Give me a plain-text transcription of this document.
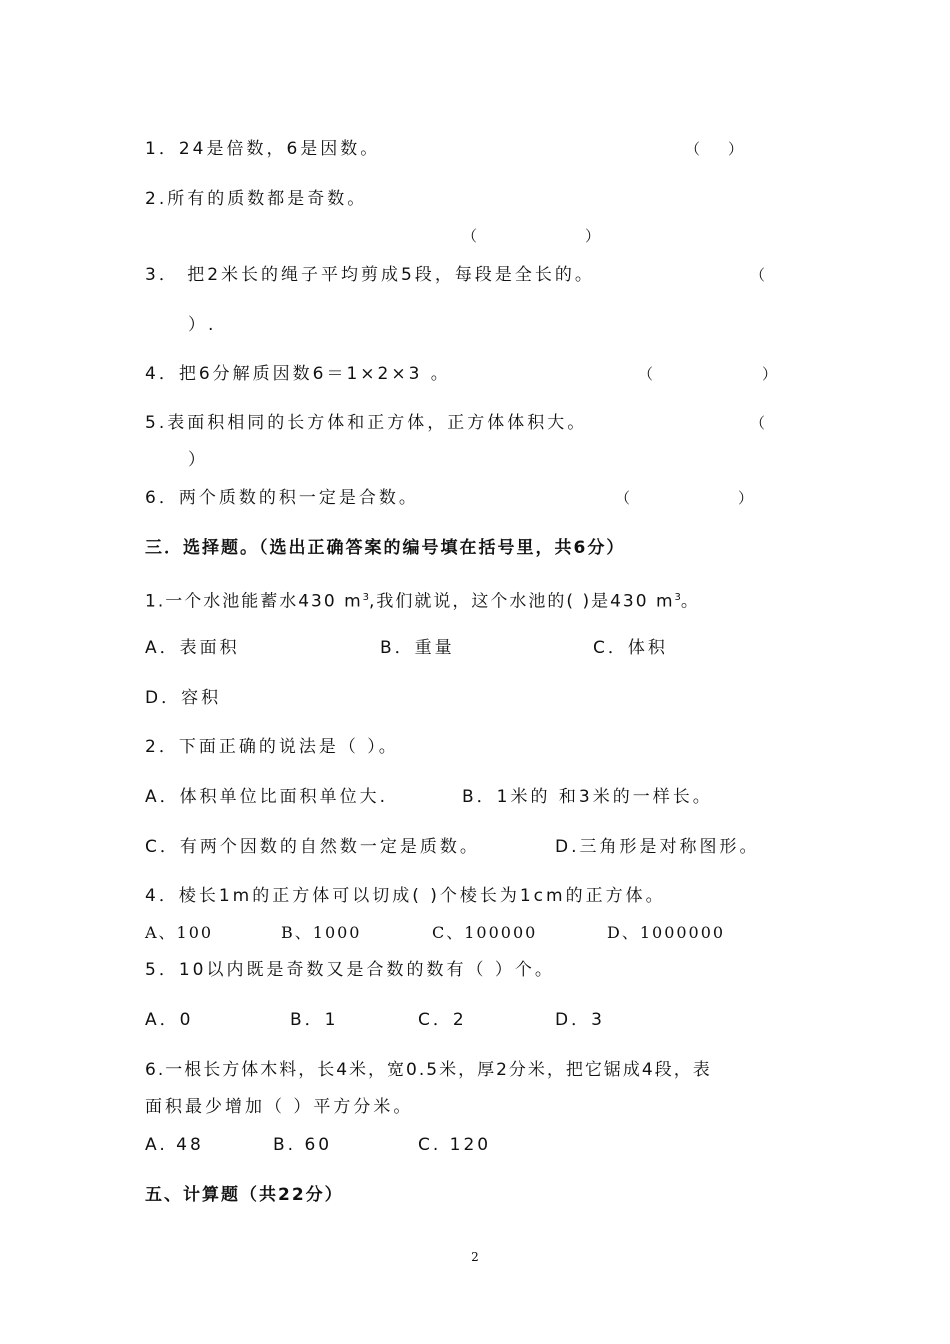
1．24是倍数，6是因数。	（ ）

2.所有的质数都是奇数。

（	）

3． 把2米长的绳子平均剪成5段，每段是全长的。	（

）.

4．把6分解质因数6＝1×2×3 。	（	）

5.表面积相同的长方体和正方体，正方体体积大。	（

）

6．两个质数的积一定是合数。	（	）

三．选择题。（选出正确答案的编号填在括号里，共6分）

1.一个水池能蓄水430 $m^3$,我们就说，这个水池的( )是430 $m^3$。

A．表面积	B．重量	C．体积

D．容积

2．下面正确的说法是（ ）。

A．体积单位比面积单位大.	B．1米的 和3米的一样长。

C．有两个因数的自然数一定是质数。	D.三角形是对称图形。

4．棱长1m的正方体可以切成( )个棱长为1cm的正方体。

A、100	B、1000	C、100000	D、1000000

5．10以内既是奇数又是合数的数有（ ）个。

A．0	B．1	C．2	D．3

6.一根长方体木料，长4米，宽0.5米，厚2分米，把它锯成4段，表

面积最少增加（ ）平方分米。

A. 48	B. 60	C. 120

五、计算题（共22分）

2
